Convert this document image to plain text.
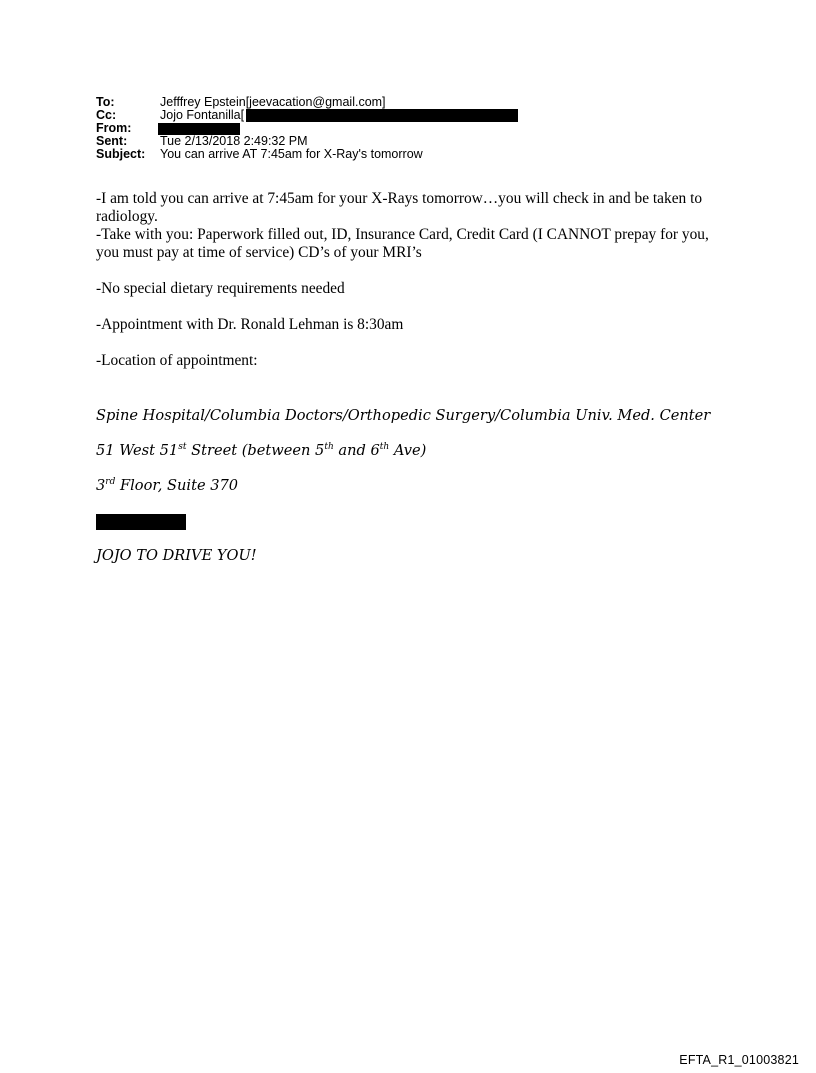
To:	Jefffrey Epstein[jeevacation@gmail.com]
Cc:	Jojo Fontanilla[
From:
Sent:	Tue 2/13/2018 2:49:32 PM
Subject:	You can arrive AT 7:45am for X-Ray's tomorrow

-I am told you can arrive at 7:45am for your X-Rays tomorrow…you will check in and be taken to radiology.

-Take with you: Paperwork filled out, ID, Insurance Card, Credit Card (I CANNOT prepay for you, you must pay at time of service) CD’s of your MRI’s

-No special dietary requirements needed

-Appointment with Dr. Ronald Lehman is 8:30am

-Location of appointment:

Spine Hospital/Columbia Doctors/Orthopedic Surgery/Columbia Univ. Med. Center
51 West 51st Street (between 5th and 6th Ave)
3rd Floor, Suite 370
JOJO TO DRIVE YOU!
EFTA_R1_01003821
